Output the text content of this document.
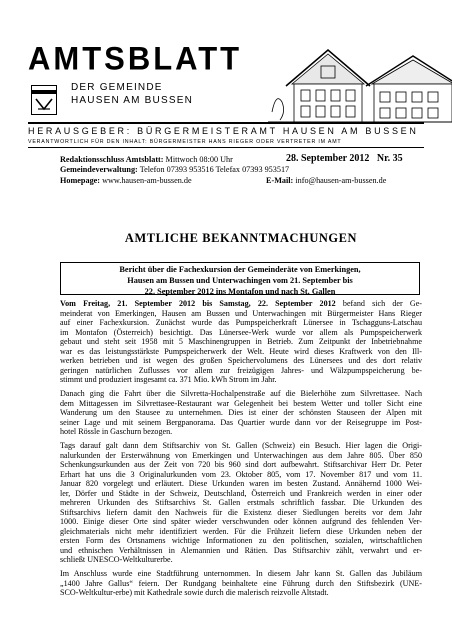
AMTSBLATT
DER GEMEINDE
HAUSEN AM BUSSEN
HERAUSGEBER: BÜRGERMEISTERAMT HAUSEN AM BUSSEN
VERANTWORTLICH FÜR DEN INHALT: BÜRGERMEISTER HANS RIEGER ODER VERTRETER IM AMT
Redaktionsschluss Amtsblatt: Mittwoch 08:00 Uhr	28. September 2012 Nr. 35
Gemeindeverwaltung: Telefon 07393 953516 Telefax 07393 953517
Homepage: www.hausen-am-bussen.de	E-Mail: info@hausen-am-bussen.de
AMTLICHE BEKANNTMACHUNGEN
Bericht über die Fachexkursion der Gemeinderäte von Emerkingen,
Hausen am Bussen und Unterwachingen vom 21. September bis
22. September 2012 ins Montafon und nach St. Gallen

Vom Freitag, 21. September 2012 bis Samstag, 22. September 2012 befand sich der Ge-
meinderat von Emerkingen, Hausen am Bussen und Unterwachingen mit Bürgermeister Hans Rieger
auf einer Fachexkursion. Zunächst wurde das Pumpspeicherkraft Lünersee in Tschagguns-Latschau
im Montafon (Österreich) besichtigt. Das Lünersee-Werk wurde vor allem als Pumpspeicherwerk
gebaut und steht seit 1958 mit 5 Maschinengruppen in Betrieb. Zum Zeitpunkt der Inbetriebnahme
war es das leistungsstärkste Pumpspeicherwerk der Welt. Heute wird dieses Kraftwerk von den Ill-
werken betrieben und ist wegen des großen Speichervolumens des Lünersees und des dort relativ
geringen natürlichen Zuflusses vor allem zur freizügigen Jahres- und Wälzpumpspeicherung be-
stimmt und produziert insgesamt ca. 371 Mio. kWh Strom im Jahr.

Danach ging die Fahrt über die Silvretta-Hochalpenstraße auf die Bielerhöhe zum Silvrettasee. Nach
dem Mittagessen im Silvrettasee-Restaurant war Gelegenheit bei bestem Wetter und toller Sicht eine
Wanderung um den Stausee zu unternehmen. Dies ist einer der schönsten Stauseen der Alpen mit
seiner Lage und mit seinem Bergpanorama. Das Quartier wurde dann vor der Reisegruppe im Post-
hotel Rössle in Gaschurn bezogen.

Tags darauf galt dann dem Stiftsarchiv von St. Gallen (Schweiz) ein Besuch. Hier lagen die Origi-
nalurkunden der Ersterwähnung von Emerkingen und Unterwachingen aus dem Jahre 805. Über 850
Schenkungsurkunden aus der Zeit von 720 bis 960 sind dort aufbewahrt. Stiftsarchivar Herr Dr. Peter
Erhart hat uns die 3 Originalurkunden vom 23. Oktober 805, vom 17. November 817 und vom 11.
Januar 820 vorgelegt und erläutert. Diese Urkunden waren im besten Zustand. Annähernd 1000 Wei-
ler, Dörfer und Städte in der Schweiz, Deutschland, Österreich und Frankreich werden in einer oder
mehreren Urkunden des Stiftsarchivs St. Gallen erstmals schriftlich fassbar. Die Urkunden des
Stiftsarchivs liefern damit den Nachweis für die Existenz dieser Siedlungen bereits vor dem Jahr
1000. Einige dieser Orte sind später wieder verschwunden oder können aufgrund des fehlenden Ver-
gleichmaterials nicht mehr identifiziert werden. Für die Frühzeit liefern diese Urkunden neben der
ersten Form des Ortsnamens wichtige Informationen zu den politischen, sozialen, wirtschaftlichen
und ethnischen Verhältnissen in Alemannien und Rätien. Das Stiftsarchiv zählt, verwahrt und er-
schließt UNESCO-Weltkulturerbe.

Im Anschluss wurde eine Stadtführung unternommen. In diesem Jahr kann St. Gallen das Jubiläum
„1400 Jahre Gallus“ feiern. Der Rundgang beinhaltete eine Führung durch den Stiftsbezirk (UNE-
SCO-Weltkultur-erbe) mit Kathedrale sowie durch die malerisch reizvolle Altstadt.
